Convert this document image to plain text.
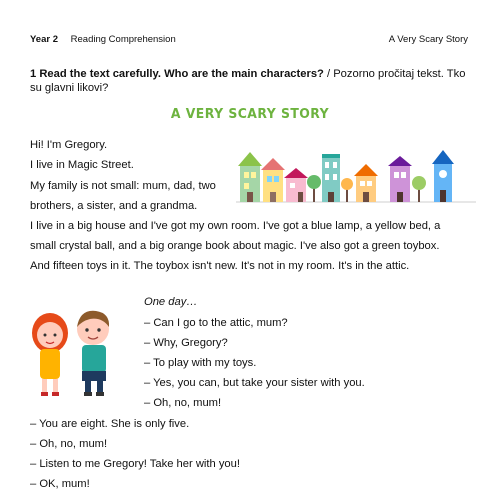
Year 2 Reading Comprehension	A Very Scary Story
1 Read the text carefully. Who are the main characters? / Pozorno pročitaj tekst. Tko su glavni likovi?
A VERY SCARY STORY
Hi! I'm Gregory.
I live in Magic Street.
My family is not small: mum, dad, two
brothers, a sister, and a grandma.
I live in a big house and I've got my own room. I've got a blue lamp, a yellow bed, a
small crystal ball, and a big orange book about magic. I've also got a green toybox.
And fifteen toys in it. The toybox isn't new. It's not in my room. It's in the attic.
One day…
– Can I go to the attic, mum?
– Why, Gregory?
– To play with my toys.
– Yes, you can, but take your sister with you.
– Oh, no, mum!
– You are eight. She is only five.
– Oh, no, mum!
– Listen to me Gregory! Take her with you!
– OK, mum!
